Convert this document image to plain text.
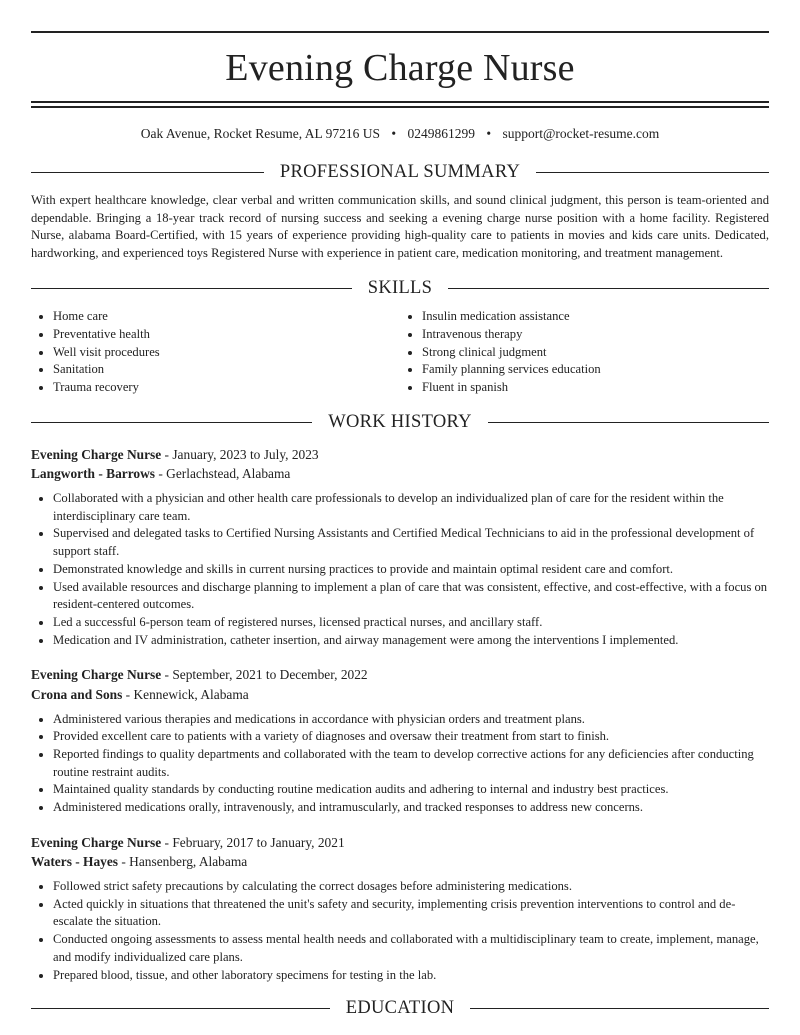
Evening Charge Nurse
Oak Avenue, Rocket Resume, AL 97216 US • 0249861299 • support@rocket-resume.com
PROFESSIONAL SUMMARY

With expert healthcare knowledge, clear verbal and written communication skills, and sound clinical judgment, this person is team-oriented and dependable. Bringing a 18-year track record of nursing success and seeking a evening charge nurse position with a home facility. Registered Nurse, alabama Board-Certified, with 15 years of experience providing high-quality care to patients in movies and kids care units. Dedicated, hardworking, and experienced toys Registered Nurse with experience in patient care, medication monitoring, and treatment management.

SKILLS
• Home care
• Preventative health
• Well visit procedures
• Sanitation
• Trauma recovery
• Insulin medication assistance
• Intravenous therapy
• Strong clinical judgment
• Family planning services education
• Fluent in spanish
WORK HISTORY
Evening Charge Nurse - January, 2023 to July, 2023
Langworth - Barrows - Gerlachstead, Alabama
• Collaborated with a physician and other health care professionals to develop an individualized plan of care for the resident within the interdisciplinary care team.
• Supervised and delegated tasks to Certified Nursing Assistants and Certified Medical Technicians to aid in the professional development of support staff.
• Demonstrated knowledge and skills in current nursing practices to provide and maintain optimal resident care and comfort.
• Used available resources and discharge planning to implement a plan of care that was consistent, effective, and cost-effective, with a focus on resident-centered outcomes.
• Led a successful 6-person team of registered nurses, licensed practical nurses, and ancillary staff.
• Medication and IV administration, catheter insertion, and airway management were among the interventions I implemented.
Evening Charge Nurse - September, 2021 to December, 2022
Crona and Sons - Kennewick, Alabama
• Administered various therapies and medications in accordance with physician orders and treatment plans.
• Provided excellent care to patients with a variety of diagnoses and oversaw their treatment from start to finish.
• Reported findings to quality departments and collaborated with the team to develop corrective actions for any deficiencies after conducting routine restraint audits.
• Maintained quality standards by conducting routine medication audits and adhering to internal and industry best practices.
• Administered medications orally, intravenously, and intramuscularly, and tracked responses to address new concerns.
Evening Charge Nurse - February, 2017 to January, 2021
Waters - Hayes - Hansenberg, Alabama
• Followed strict safety precautions by calculating the correct dosages before administering medications.
• Acted quickly in situations that threatened the unit's safety and security, implementing crisis prevention interventions to control and de-escalate the situation.
• Conducted ongoing assessments to assess mental health needs and collaborated with a multidisciplinary team to create, implement, manage, and modify individualized care plans.
• Prepared blood, tissue, and other laboratory specimens for testing in the lab.
EDUCATION
